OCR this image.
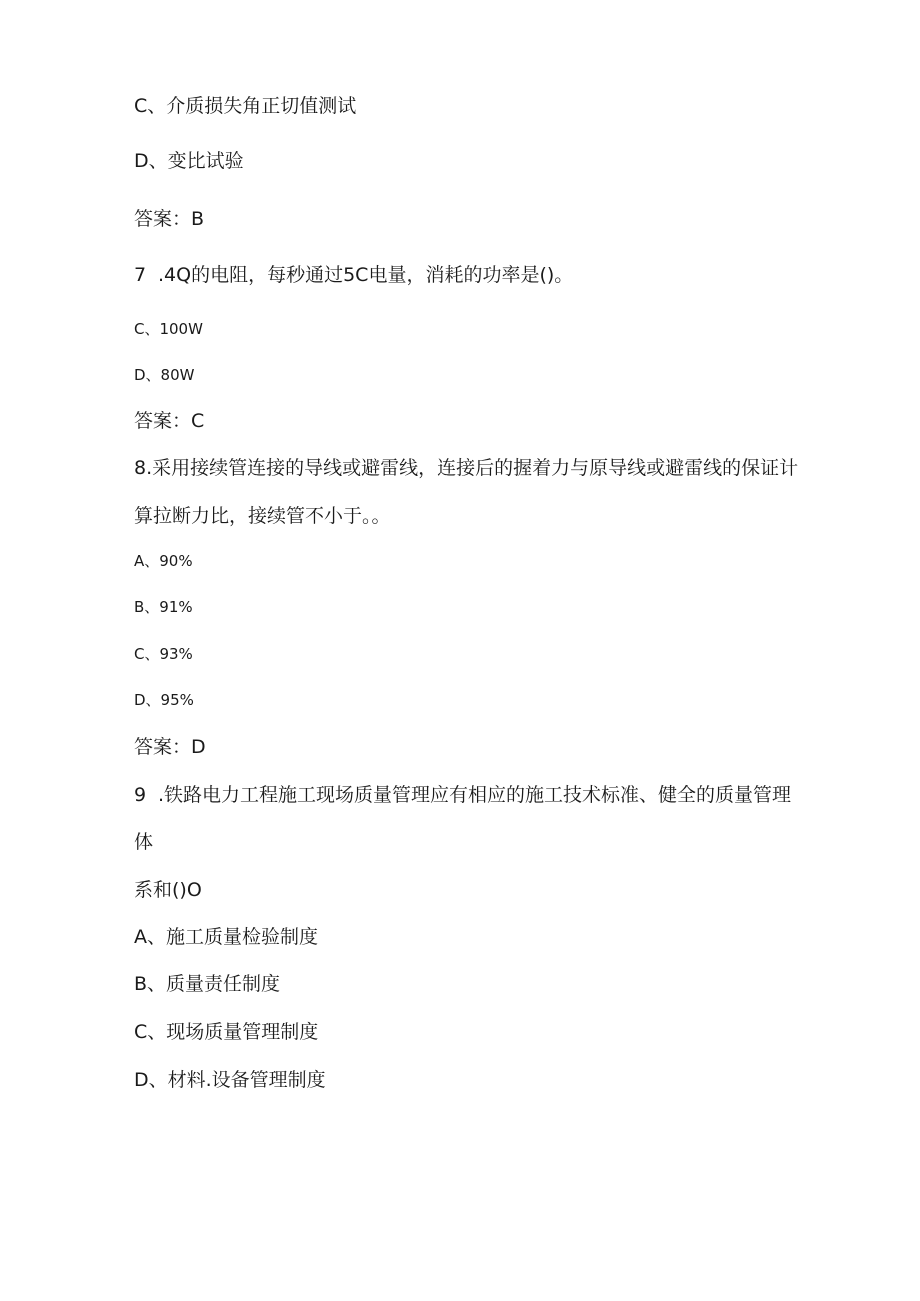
C、介质损失角正切值测试
D、变比试验
答案：B
7 .4Q的电阻，每秒通过5C电量，消耗的功率是()。
C、100W
D、80W
答案：C
8.采用接续管连接的导线或避雷线，连接后的握着力与原导线或避雷线的保证计
算拉断力比，接续管不小于。。
A、90%
B、91%
C、93%
D、95%
答案：D
9 .铁路电力工程施工现场质量管理应有相应的施工技术标准、健全的质量管理
体
系和()O
A、施工质量检验制度
B、质量责任制度
C、现场质量管理制度
D、材料.设备管理制度
